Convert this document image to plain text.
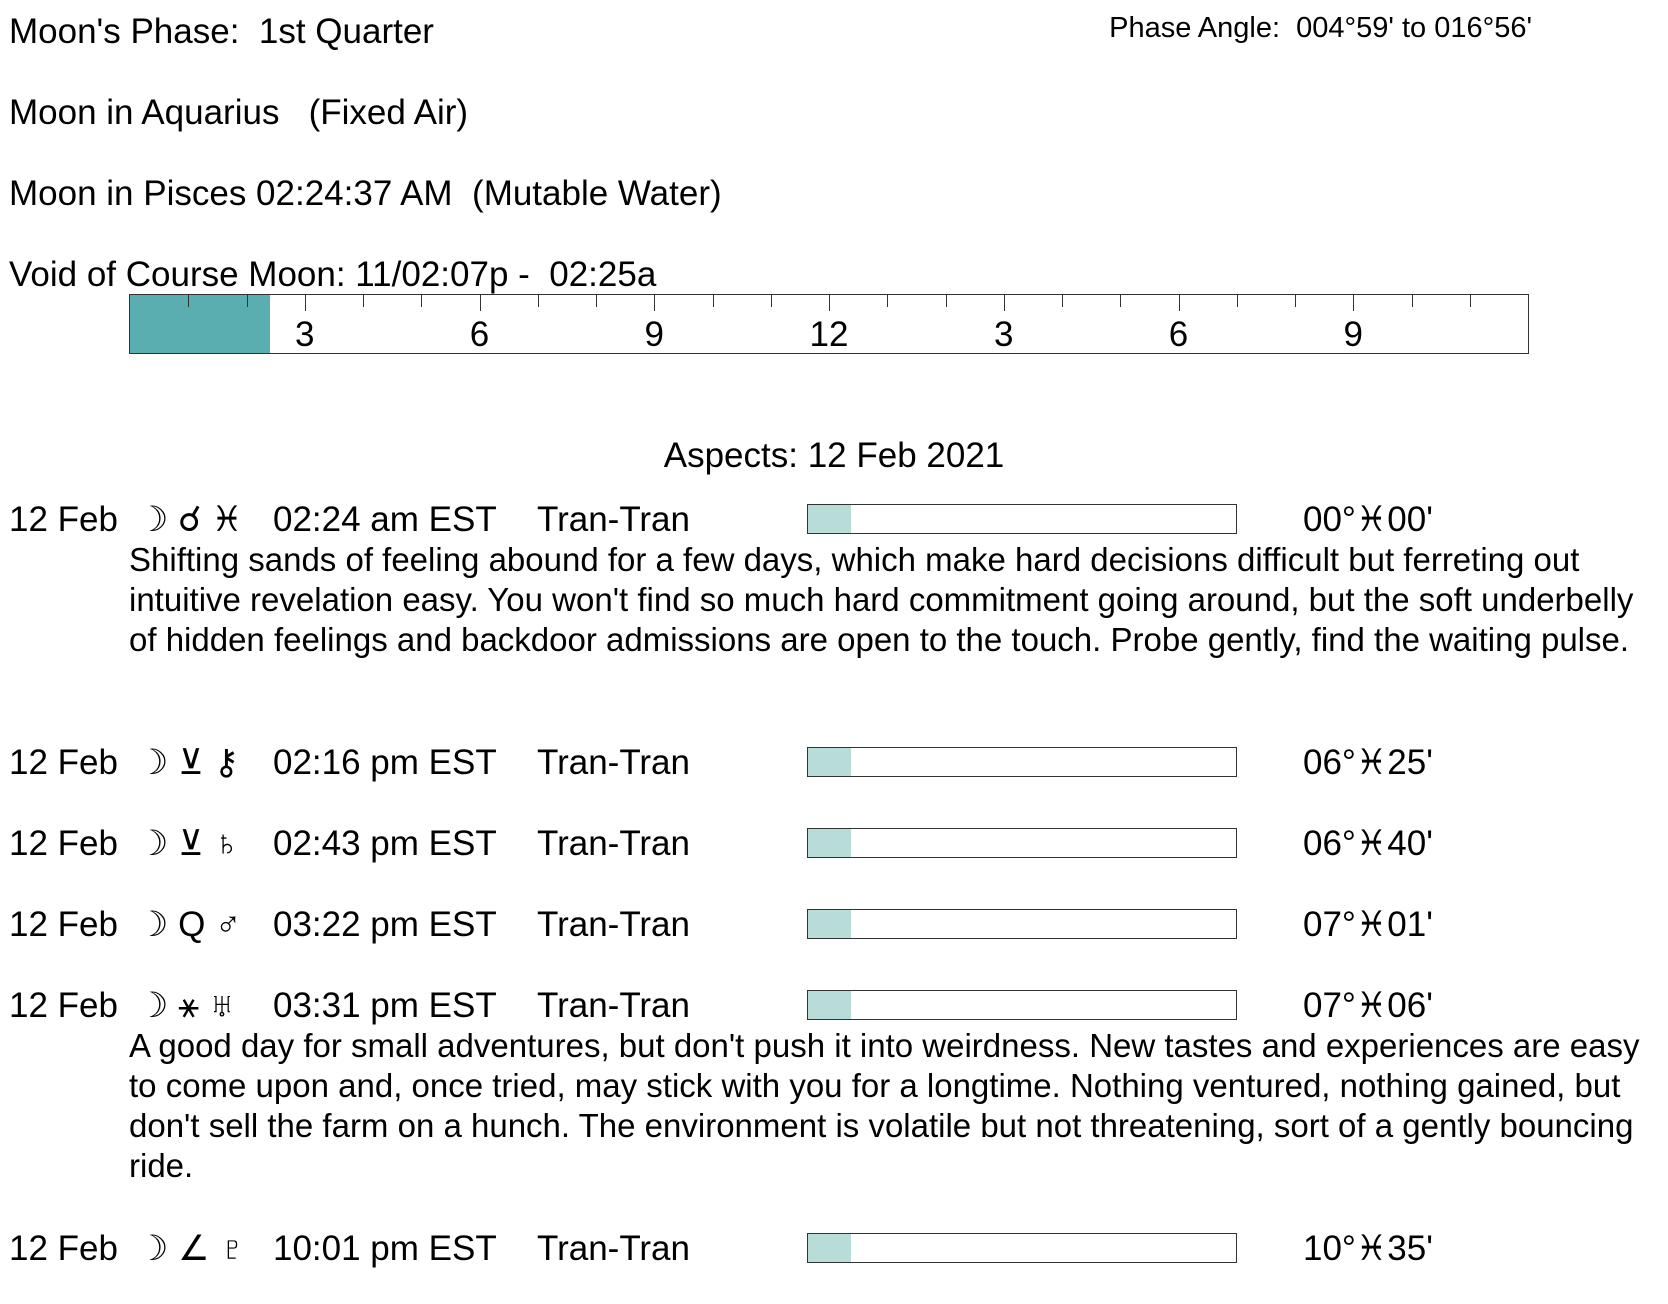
Moon's Phase:  1st Quarter	Phase Angle:  004°59' to 016°56'
Moon in Aquarius   (Fixed Air)
Moon in Pisces 02:24:37 AM  (Mutable Water)
Void of Course Moon: 11/02:07p -  02:25a
3	6	9	12	3	6	9
Aspects: 12 Feb 2021
12 Feb ☽ ☌ ♓ 02:24 am EST Tran-Tran	00°♓00'
Shifting sands of feeling abound for a few days, which make hard decisions difficult but ferreting out intuitive revelation easy. You won't find so much hard commitment going around, but the soft underbelly of hidden feelings and backdoor admissions are open to the touch. Probe gently, find the waiting pulse.
12 Feb ☽ ⊻ ⚷ 02:16 pm EST Tran-Tran	06°♓25'
12 Feb ☽ ⊻ ♄ 02:43 pm EST Tran-Tran	06°♓40'
12 Feb ☽ Q ♂ 03:22 pm EST Tran-Tran	07°♓01'
12 Feb ☽ ⚹ ♅ 03:31 pm EST Tran-Tran	07°♓06'
A good day for small adventures, but don't push it into weirdness. New tastes and experiences are easy to come upon and, once tried, may stick with you for a longtime. Nothing ventured, nothing gained, but don't sell the farm on a hunch. The environment is volatile but not threatening, sort of a gently bouncing ride.
12 Feb ☽ ∠ ♇ 10:01 pm EST Tran-Tran	10°♓35'
